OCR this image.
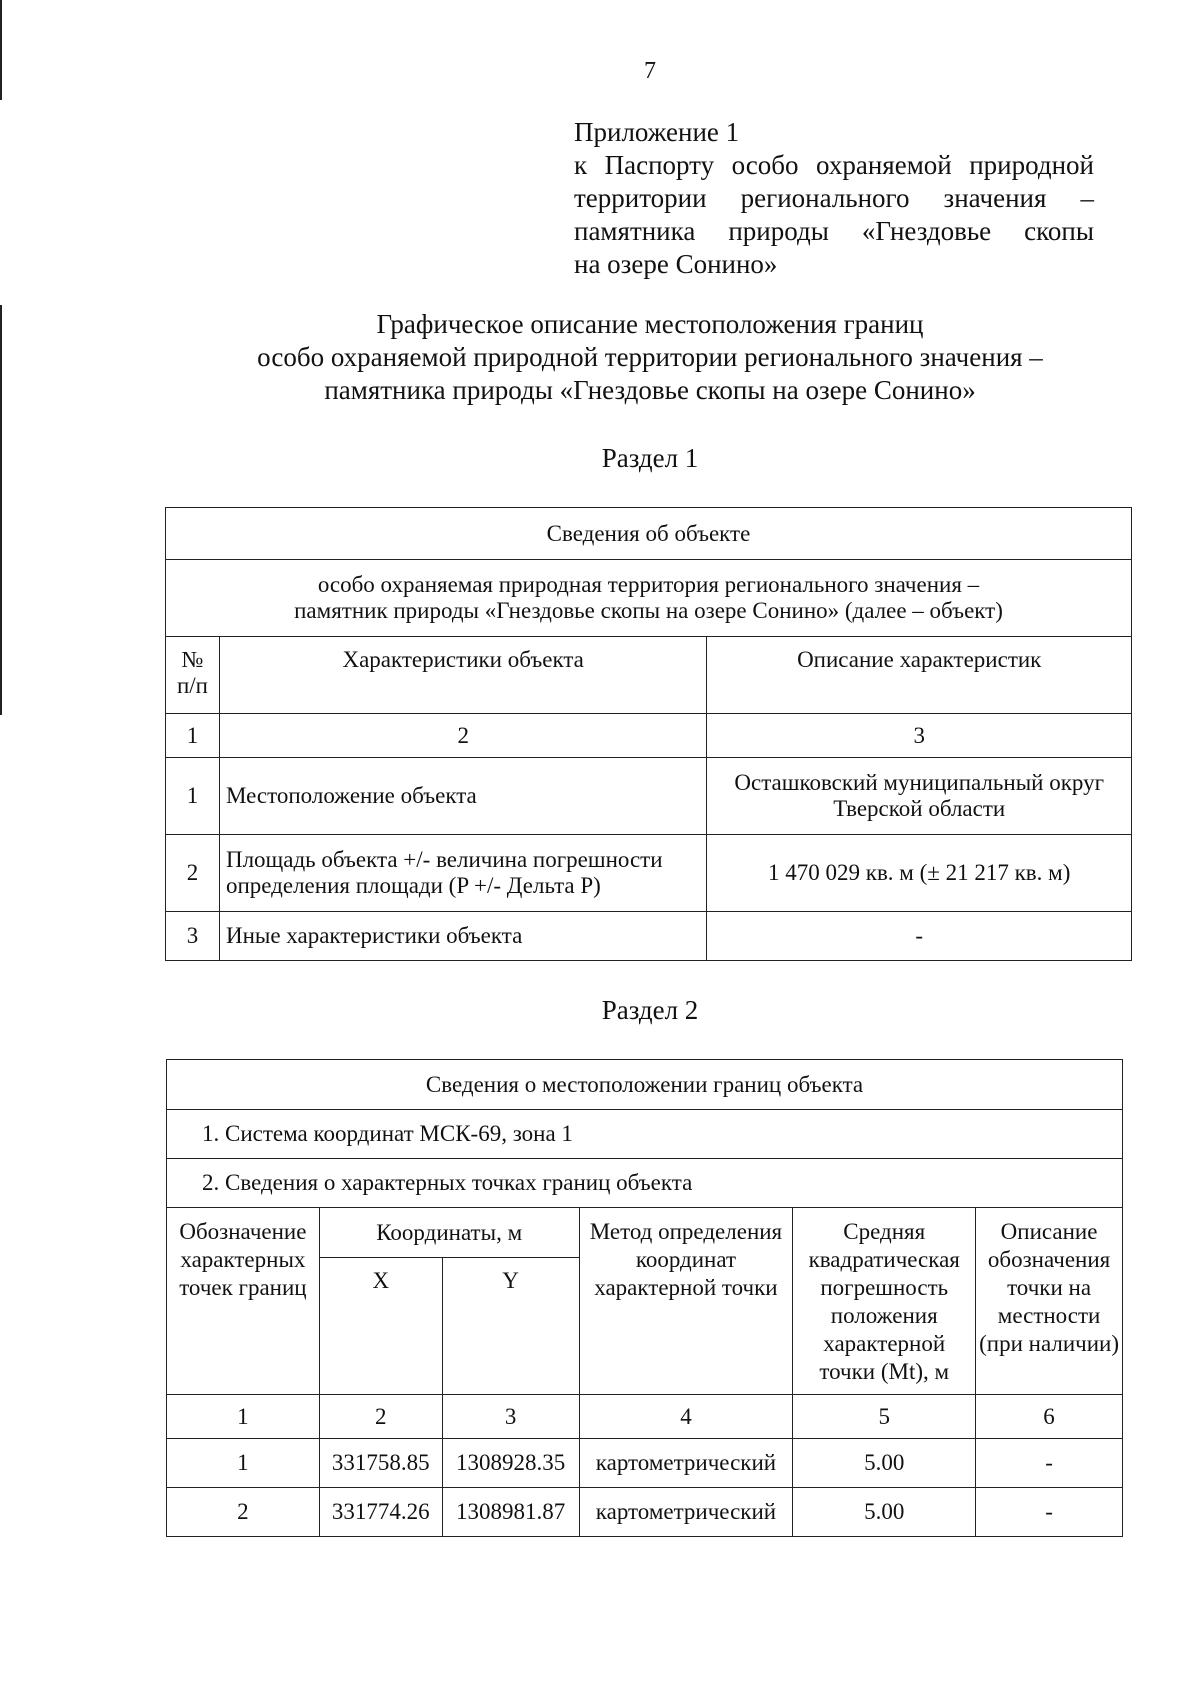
7
Приложение 1
к Паспорту особо охраняемой природной
территории регионального значения –
памятника природы «Гнездовье скопы
на озере Сонино»
Графическое описание местоположения границ
особо охраняемой природной территории регионального значения –
памятника природы «Гнездовье скопы на озере Сонино»
Раздел 1
Сведения об объекте		

особо охраняемая природная территория регионального значения –
памятник природы «Гнездовье скопы на озере Сонино» (далее – объект)		

№ п/п	Характеристики объекта	Описание характеристик
1	2	3
1	Местоположение объекта	Осташковский муниципальный округ
Тверской области

2	Площадь объекта +/- величина погрешности
определения площади (P +/- Дельта P)	1 470 029 кв. м (± 21 217 кв. м)
3	Иные характеристики объекта	-
Раздел 2
Сведения о местоположении границ объекта					
1. Система координат МСК-69, зона 1					
2. Сведения о характерных точках границ объекта					
Обозначение характерных точек границ	Координаты, м		Метод определения координат характерной точки	Средняя квадратическая погрешность положения характерной точки (Mt), м	Описание обозначения точки на местности (при наличии)
	X	Y			
1	2	3	4	5	6
1	331758.85	1308928.35	картометрический	5.00	-
2	331774.26	1308981.87	картометрический	5.00	-
